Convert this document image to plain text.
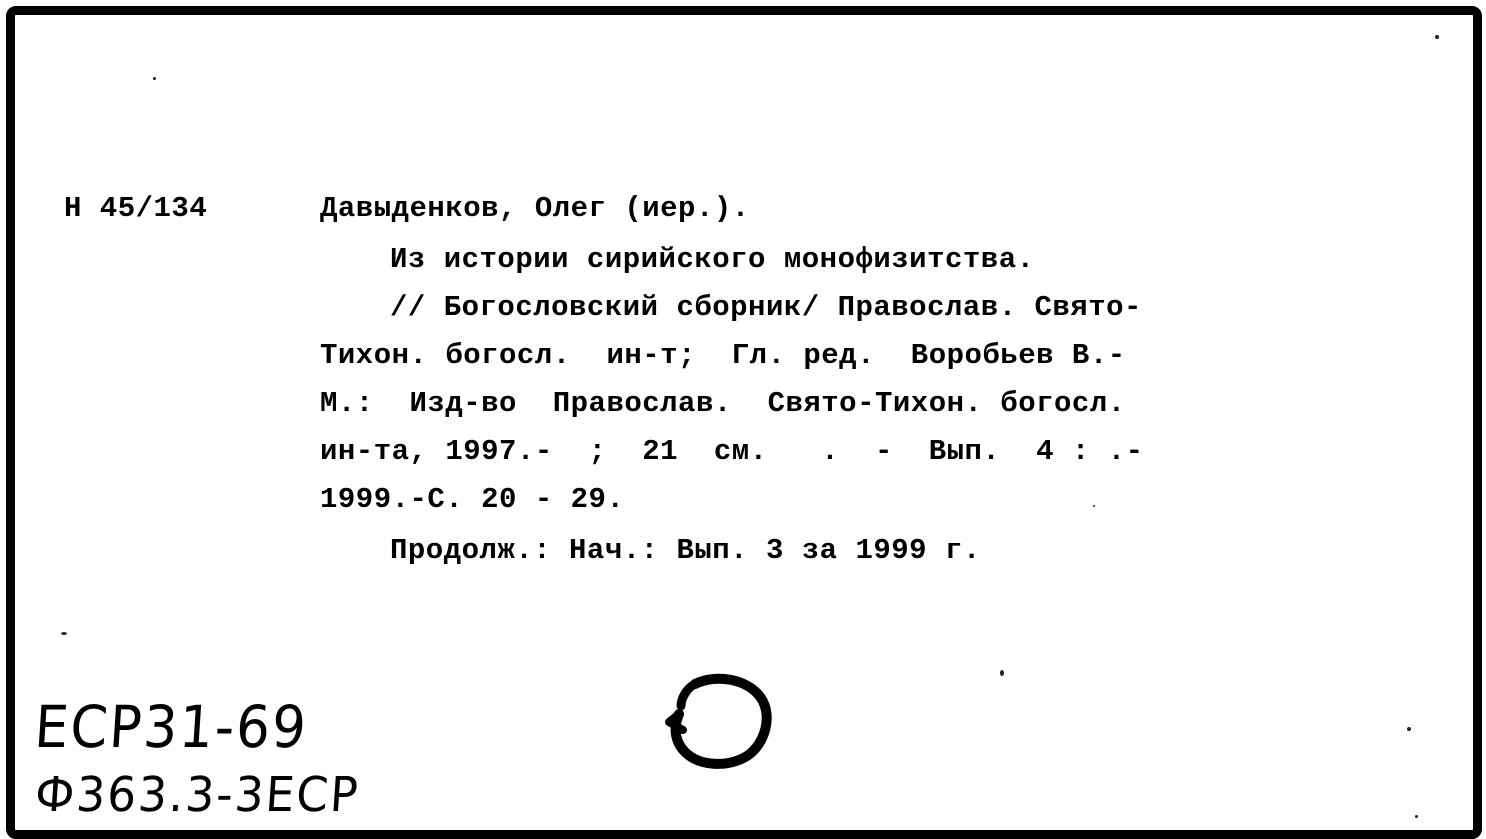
Н 45/134	Давыденков, Олег (иер.).
Из истории сирийского монофизитства.
// Богословский сборник/ Православ. Свято-
Тихон. богосл.  ин-т;  Гл. ред.  Воробьев В.-
М.:  Изд-во  Православ.  Свято-Тихон. богосл.
ин-та, 1997.-  ;  21  см.   .  -  Вып.  4 : .-
1999.-С. 20 - 29.
Продолж.: Нач.: Вып. 3 за 1999 г.
ECP31-69
Ф363.3-3ЕСР
